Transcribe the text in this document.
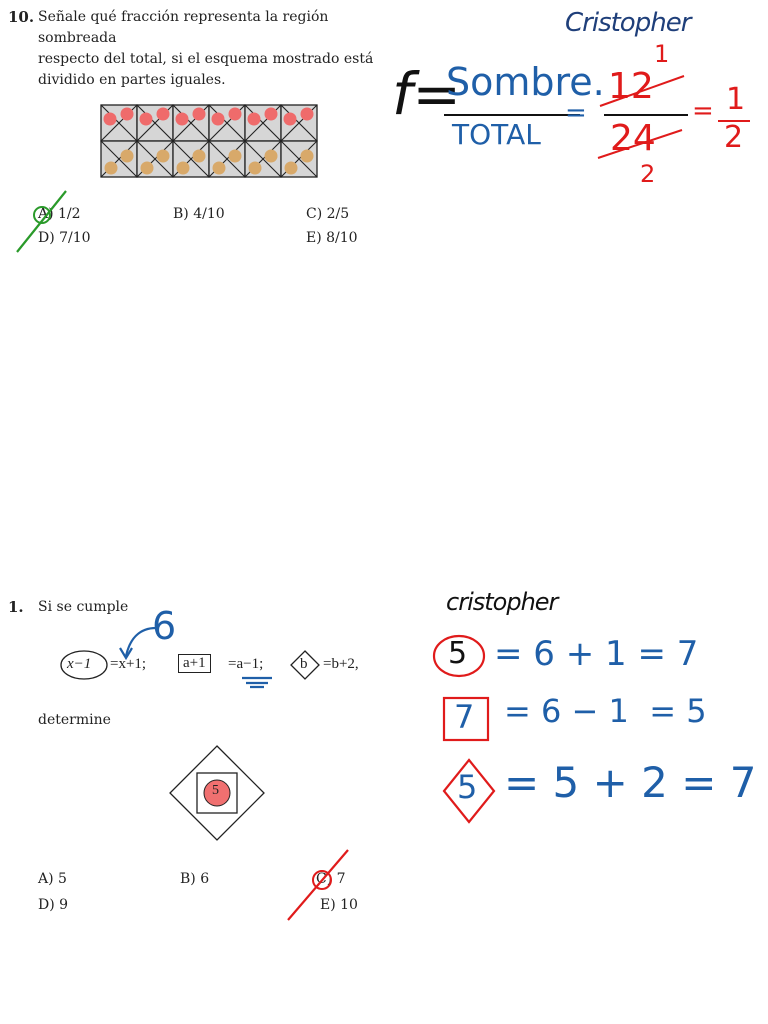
10. Señale qué fracción representa la región sombreada
respecto del total, si el esquema mostrado está
dividido en partes iguales.
A) 1/2	B) 4/10	C) 2/5
D) 7/10	E) 8/10
Cristopher
f=
Sombre.
TOTAL
=
12
1
24
2
= 1
2
1. Si se cumple
x−1 =x+1;	a+1	=a−1; b =b+2,
6
determine
5
A) 5	B) 6	C) 7
D) 9	E) 10
cristopher
5 = 6 + 1 = 7
7 = 6 − 1  = 5
5 = 5 + 2 = 7
